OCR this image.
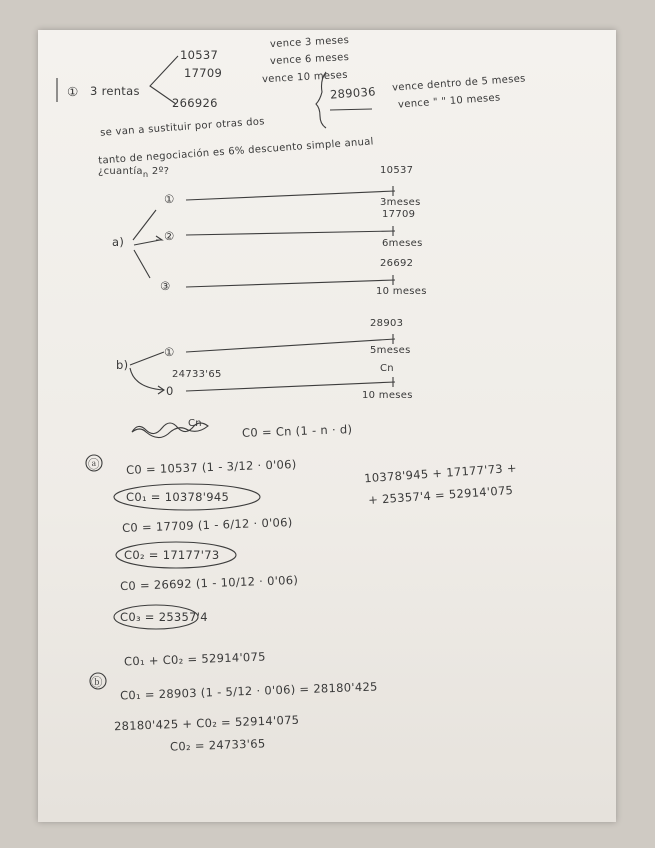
① 3 rentas
10537
17709
266926
vence 3 meses
vence 6 meses
vence 10 meses
se van a sustituir por otras dos
289036 vence dentro de 5 meses
vence " " 10 meses
tanto de negociación es 6% descuento simple anual
¿cuantía$_n$ 2º?
a)
①
②
③
10537
3meses
17709
6meses
26692
10 meses
b)
①
0
24733'65
28903
5meses
Cn
10 meses
Cn	C0 = Cn (1 - n · d)
ⓐ C0 = 10537 (1 - 3/12 · 0'06)
C0₁ = 10378'945
C0 = 17709 (1 - 6/12 · 0'06)
C0₂ = 17177'73
C0 = 26692 (1 - 10/12 · 0'06)
C0₃ = 25357'4
10378'945 + 17177'73 +
+ 25357'4 = 52914'075
ⓑ
C0₁ + C0₂ = 52914'075
C0₁ = 28903 (1 - 5/12 · 0'06) = 28180'425
28180'425 + C0₂ = 52914'075
C0₂ = 24733'65
